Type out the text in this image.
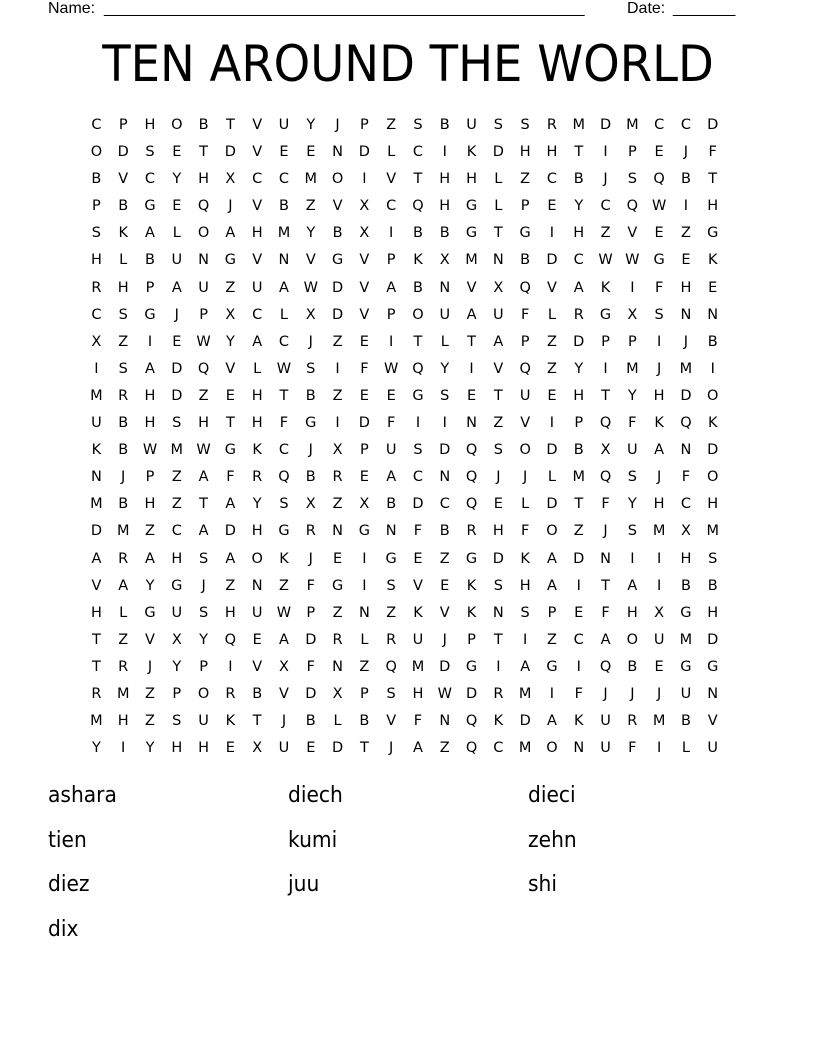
Name: ______________________________________________________	Date: _______
TEN AROUND THE WORLD
C	P	H	O	B	T	V	U	Y	J	P	Z	S	B	U	S	S	R	M	D	M	C	C	D
O	D	S	E	T	D	V	E	E	N	D	L	C	I	K	D	H	H	T	I	P	E	J	F
B	V	C	Y	H	X	C	C	M	O	I	V	T	H	H	L	Z	C	B	J	S	Q	B	T
P	B	G	E	Q	J	V	B	Z	V	X	C	Q	H	G	L	P	E	Y	C	Q W	I	H
S	K	A	L	O	A	H	M	Y	B	X	I	B	B	G	T	G	I	H	Z	V	E	Z	G
H	L	B	U	N	G	V	N	V	G	V	P	K	X	M	N	B	D	C	W W G	E	K
R	H	P	A	U	Z	U	A	W D	V	A	B	N	V	X	Q	V	A	K	I	F	H	E
C	S	G	J	P	X	C	L	X	D	V	P	O	U	A	U	F	L	R	G	X	S	N	N
X	Z	I	E	W	Y	A	C	J	Z	E	I	T	L	T	A	P	Z	D	P	P	I	J	B
I	S	A	D	Q	V	L	W	S	I	F	W Q	Y	I	V	Q	Z	Y	I	M	J	M	I
M	R	H	D	Z	E	H	T	B	Z	E	E	G	S	E	T	U	E	H	T	Y	H	D	O
U	B	H	S	H	T	H	F	G	I	D	F	I	I	N	Z	V	I	P	Q	F	K	Q	K
K	B	W M W G	K	C	J	X	P	U	S	D	Q	S	O	D	B	X	U	A	N	D
N	J	P	Z	A	F	R	Q	B	R	E	A	C	N	Q	J	J	L	M	Q	S	J	F	O
M	B	H	Z	T	A	Y	S	X	Z	X	B	D	C	Q	E	L	D	T	F	Y	H	C	H
D	M	Z	C	A	D	H	G	R	N	G	N	F	B	R	H	F	O	Z	J	S	M	X	M
A	R	A	H	S	A	O	K	J	E	I	G	E	Z	G	D	K	A	D	N	I	I	H	S
V	A	Y	G	J	Z	N	Z	F	G	I	S	V	E	K	S	H	A	I	T	A	I	B	B
H	L	G	U	S	H	U W	P	Z	N	Z	K	V	K	N	S	P	E	F	H	X	G	H
T	Z	V	X	Y	Q	E	A	D	R	L	R	U	J	P	T	I	Z	C	A	O	U	M	D
T	R	J	Y	P	I	V	X	F	N	Z	Q	M	D	G	I	A	G	I	Q	B	E	G	G
R	M	Z	P	O	R	B	V	D	X	P	S	H W D	R	M	I	F	J	J	J	U	N
M	H	Z	S	U	K	T	J	B	L	B	V	F	N	Q	K	D	A	K	U	R	M	B	V
Y	I	Y	H	H	E	X	U	E	D	T	J	A	Z	Q	C	M	O	N	U	F	I	L	U
ashara	diech	dieci
tien	kumi	zehn
diez	juu	shi
dix
